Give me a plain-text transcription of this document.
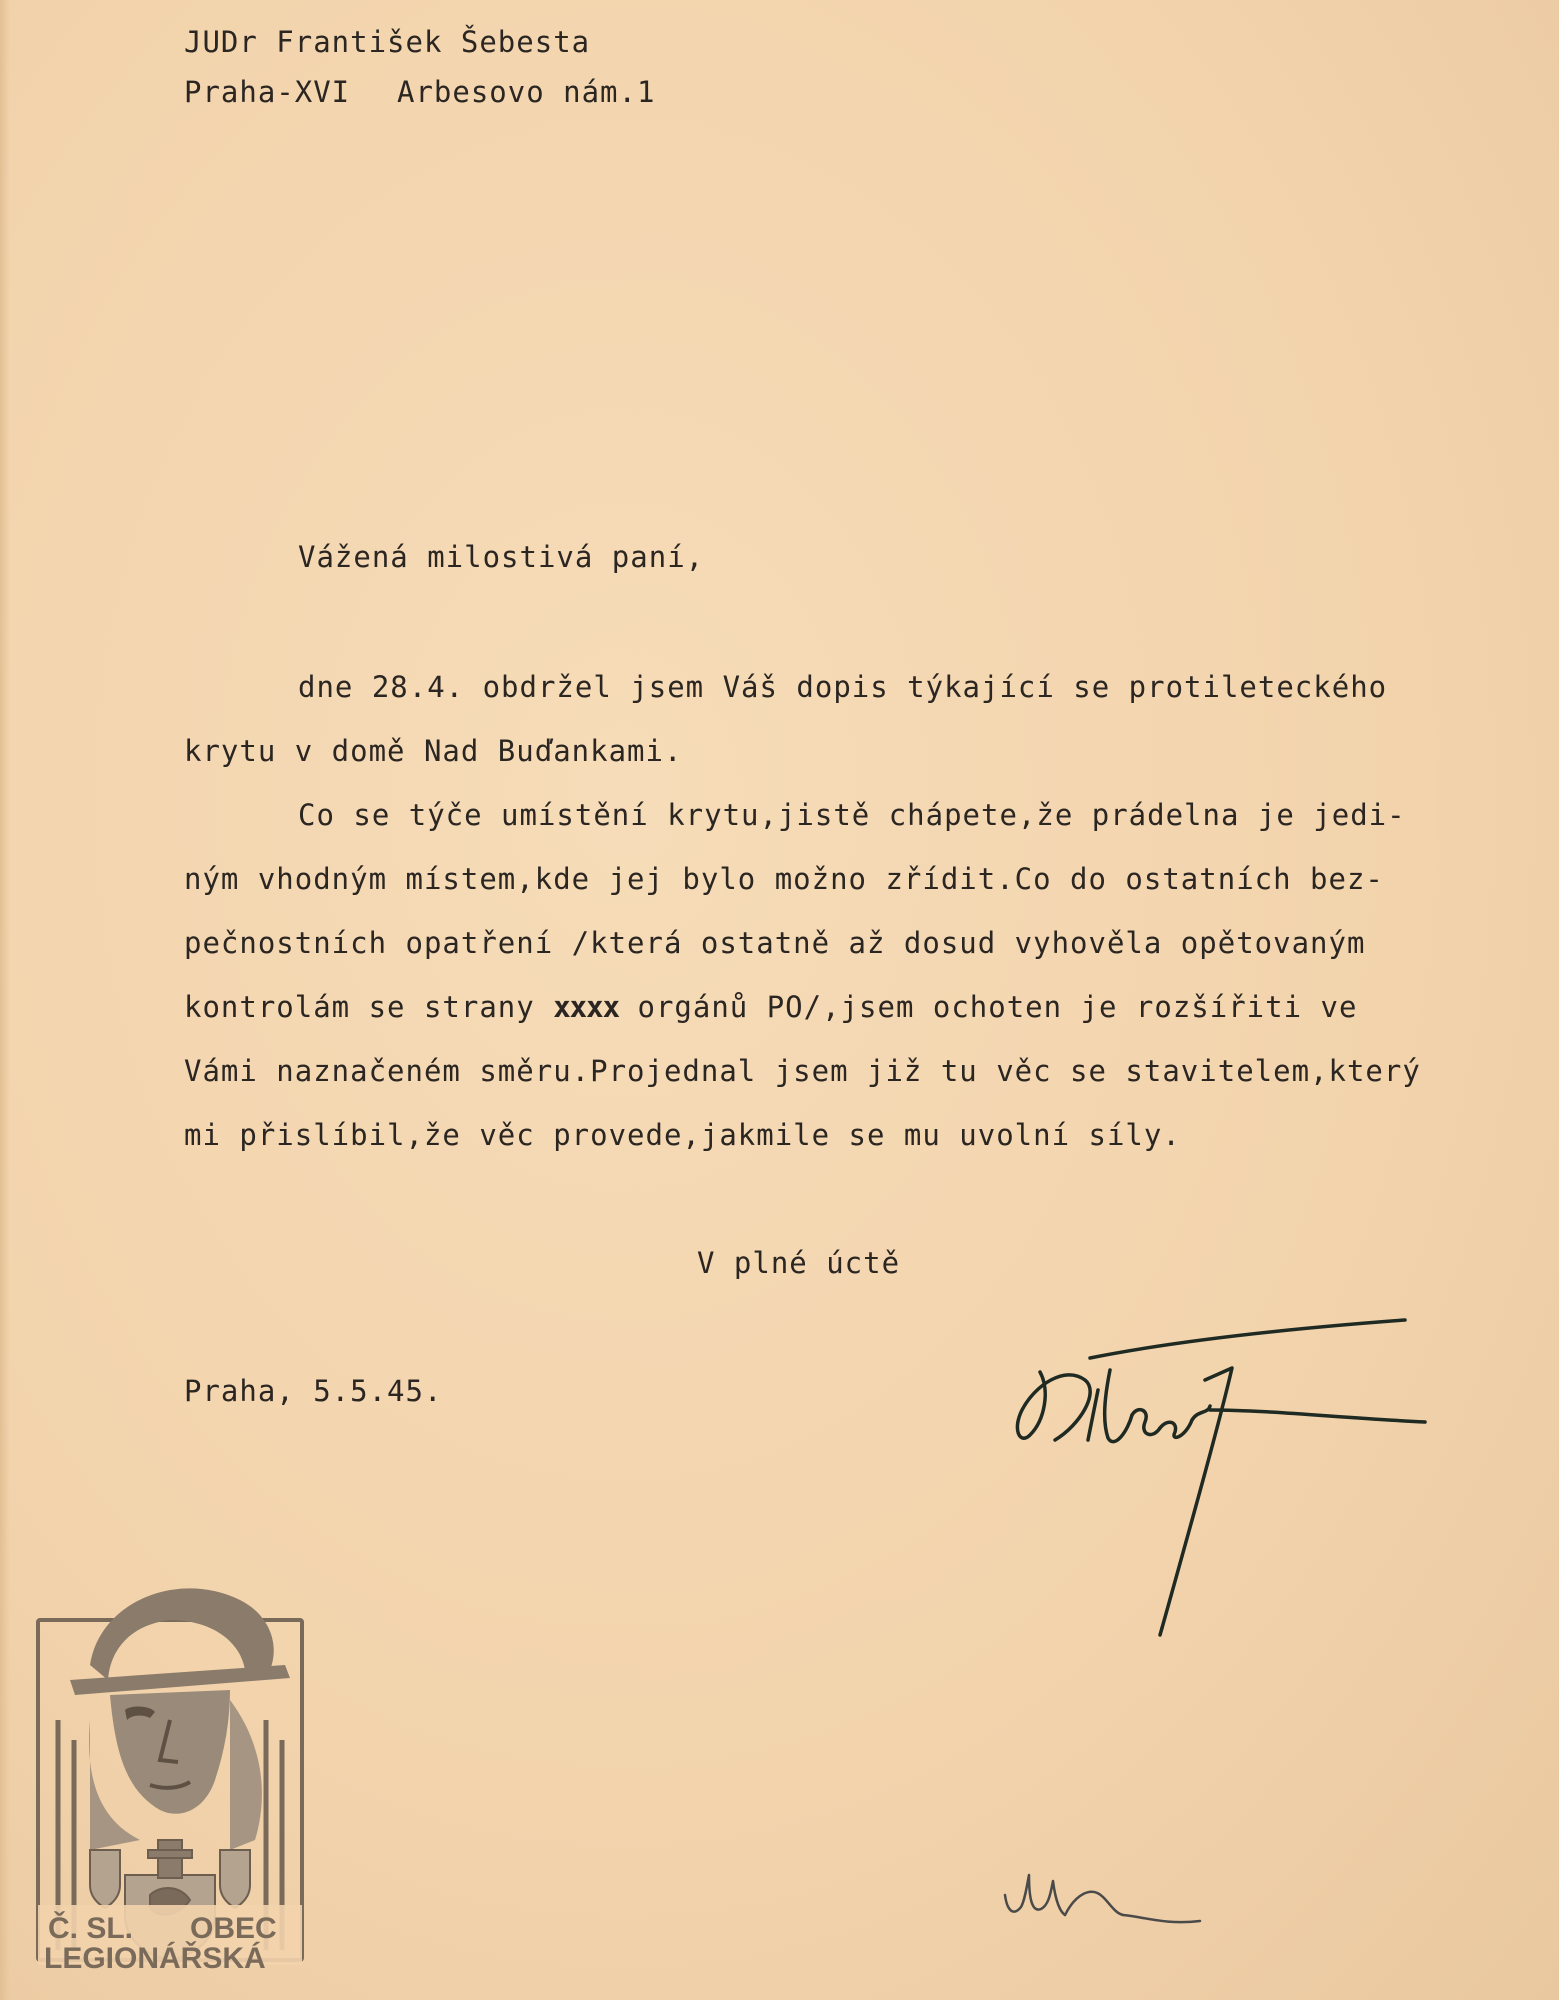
JUDr František Šebesta
Praha-XVI Arbesovo nám.1
Vážená milostivá paní,
dne 28.4. obdržel jsem Váš dopis týkající se protileteckého
krytu v domě Nad Buďankami.
Co se týče umístění krytu,jistě chápete,že prádelna je jedi-
ným vhodným místem,kde jej bylo možno zřídit.Co do ostatních bez-
pečnostních opatření /která ostatně až dosud vyhověla opětovaným
kontrolám se strany xxxx orgánů PO/,jsem ochoten je rozšířiti ve
Vámi naznačeném směru.Projednal jsem již tu věc se stavitelem,který
mi přislíbil,že věc provede,jakmile se mu uvolní síly.
V plné úctě
Praha, 5.5.45.
Č. SL. OBEC
LEGIONÁŘSKÁ
